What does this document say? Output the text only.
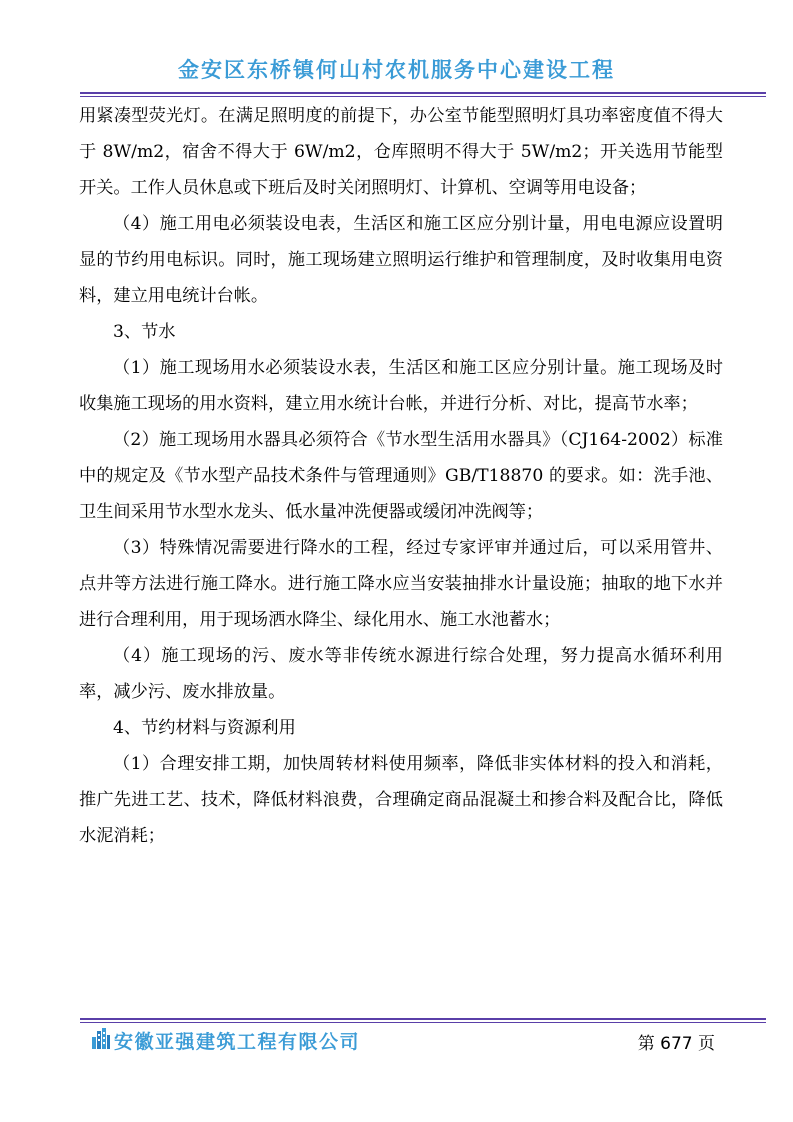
金安区东桥镇何山村农机服务中心建设工程

用紧凑型荧光灯。在满足照明度的前提下，办公室节能型照明灯具功率密度值不得大于 8W/m2，宿舍不得大于 6W/m2，仓库照明不得大于 5W/m2；开关选用节能型开关。工作人员休息或下班后及时关闭照明灯、计算机、空调等用电设备；

（4）施工用电必须装设电表，生活区和施工区应分别计量，用电电源应设置明显的节约用电标识。同时，施工现场建立照明运行维护和管理制度，及时收集用电资料，建立用电统计台帐。

3、节水

（1）施工现场用水必须装设水表，生活区和施工区应分别计量。施工现场及时收集施工现场的用水资料，建立用水统计台帐，并进行分析、对比，提高节水率；

（2）施工现场用水器具必须符合《节水型生活用水器具》（CJ164-2002）标准中的规定及《节水型产品技术条件与管理通则》GB/T18870 的要求。如：洗手池、卫生间采用节水型水龙头、低水量冲洗便器或缓闭冲洗阀等；

（3）特殊情况需要进行降水的工程，经过专家评审并通过后，可以采用管井、点井等方法进行施工降水。进行施工降水应当安装抽排水计量设施；抽取的地下水并进行合理利用，用于现场洒水降尘、绿化用水、施工水池蓄水；

（4）施工现场的污、废水等非传统水源进行综合处理，努力提高水循环利用率，减少污、废水排放量。

4、节约材料与资源利用

（1）合理安排工期，加快周转材料使用频率，降低非实体材料的投入和消耗，推广先进工艺、技术，降低材料浪费，合理确定商品混凝土和掺合料及配合比，降低水泥消耗；

安徽亚强建筑工程有限公司	第 677 页
